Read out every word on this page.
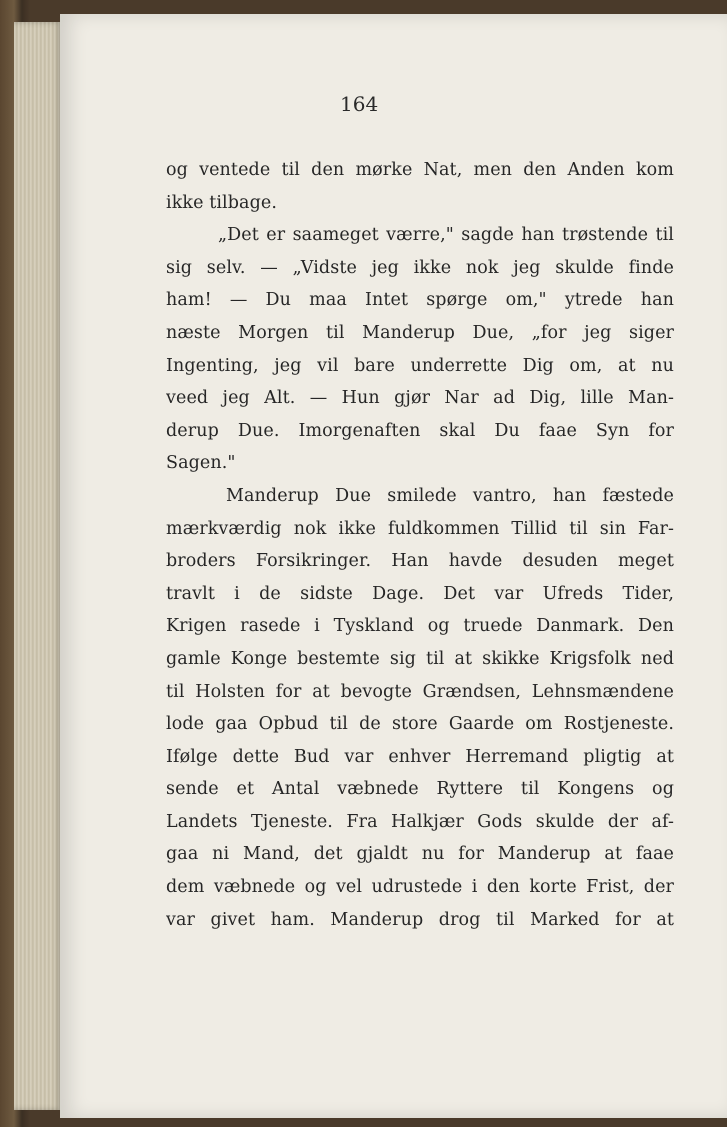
og ventede til den mørke Nat, men den Anden kom
ikke tilbage.
„Det er saameget værre," sagde han trøstende til
sig selv. — „Vidste jeg ikke nok jeg skulde finde
ham! — Du maa Intet spørge om," ytrede han
næste Morgen til Manderup Due, „for jeg siger
Ingenting, jeg vil bare underrette Dig om, at nu
veed jeg Alt. — Hun gjør Nar ad Dig, lille Man-
derup Due. Imorgenaften skal Du faae Syn for
Sagen."
Manderup Due smilede vantro, han fæstede
mærkværdig nok ikke fuldkommen Tillid til sin Far-
broders Forsikringer. Han havde desuden meget
travlt i de sidste Dage. Det var Ufreds Tider,
Krigen rasede i Tyskland og truede Danmark. Den
gamle Konge bestemte sig til at skikke Krigsfolk ned
til Holsten for at bevogte Grændsen, Lehnsmændene
lode gaa Opbud til de store Gaarde om Rostjeneste.
Ifølge dette Bud var enhver Herremand pligtig at
sende et Antal væbnede Ryttere til Kongens og
Landets Tjeneste. Fra Halkjær Gods skulde der af-
gaa ni Mand, det gjaldt nu for Manderup at faae
dem væbnede og vel udrustede i den korte Frist, der
var givet ham. Manderup drog til Marked for at
